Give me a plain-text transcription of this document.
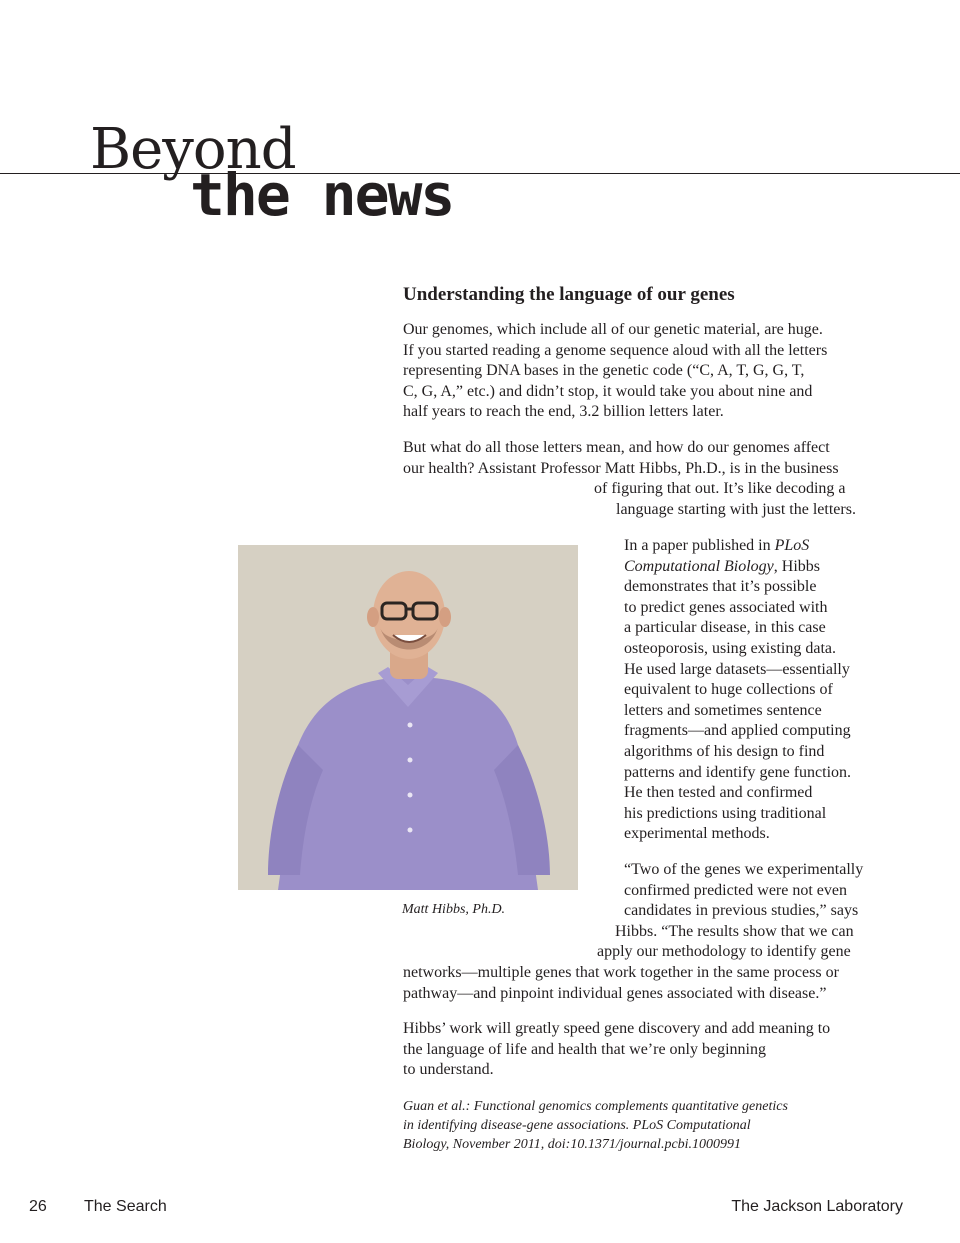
Beyond
the news
Understanding the language of our genes

Our genomes, which include all of our genetic material, are huge.
If you started reading a genome sequence aloud with all the letters
representing DNA bases in the genetic code (“C, A, T, G, G, T,
C, G, A,” etc.) and didn’t stop, it would take you about nine and
half years to reach the end, 3.2 billion letters later.

But what do all those letters mean, and how do our genomes affect
our health? Assistant Professor Matt Hibbs, Ph.D., is in the business
of figuring that out. It’s like decoding a
language starting with just the letters.

In a paper published in PLoS
Computational Biology, Hibbs
demonstrates that it’s possible
to predict genes associated with
a particular disease, in this case
osteoporosis, using existing data.
He used large datasets—essentially
equivalent to huge collections of
letters and sometimes sentence
fragments—and applied computing
algorithms of his design to find
patterns and identify gene function.
He then tested and confirmed
his predictions using traditional
experimental methods.

“Two of the genes we experimentally
confirmed predicted were not even
candidates in previous studies,” says
Hibbs. “The results show that we can
apply our methodology to identify gene
networks—multiple genes that work together in the same process or
pathway—and pinpoint individual genes associated with disease.”

Hibbs’ work will greatly speed gene discovery and add meaning to
the language of life and health that we’re only beginning
to understand.

Guan et al.: Functional genomics complements quantitative genetics
in identifying disease-gene associations. PLoS Computational
Biology, November 2011, doi:10.1371/journal.pcbi.1000991

Matt Hibbs, Ph.D.

26 The Search	The Jackson Laboratory
